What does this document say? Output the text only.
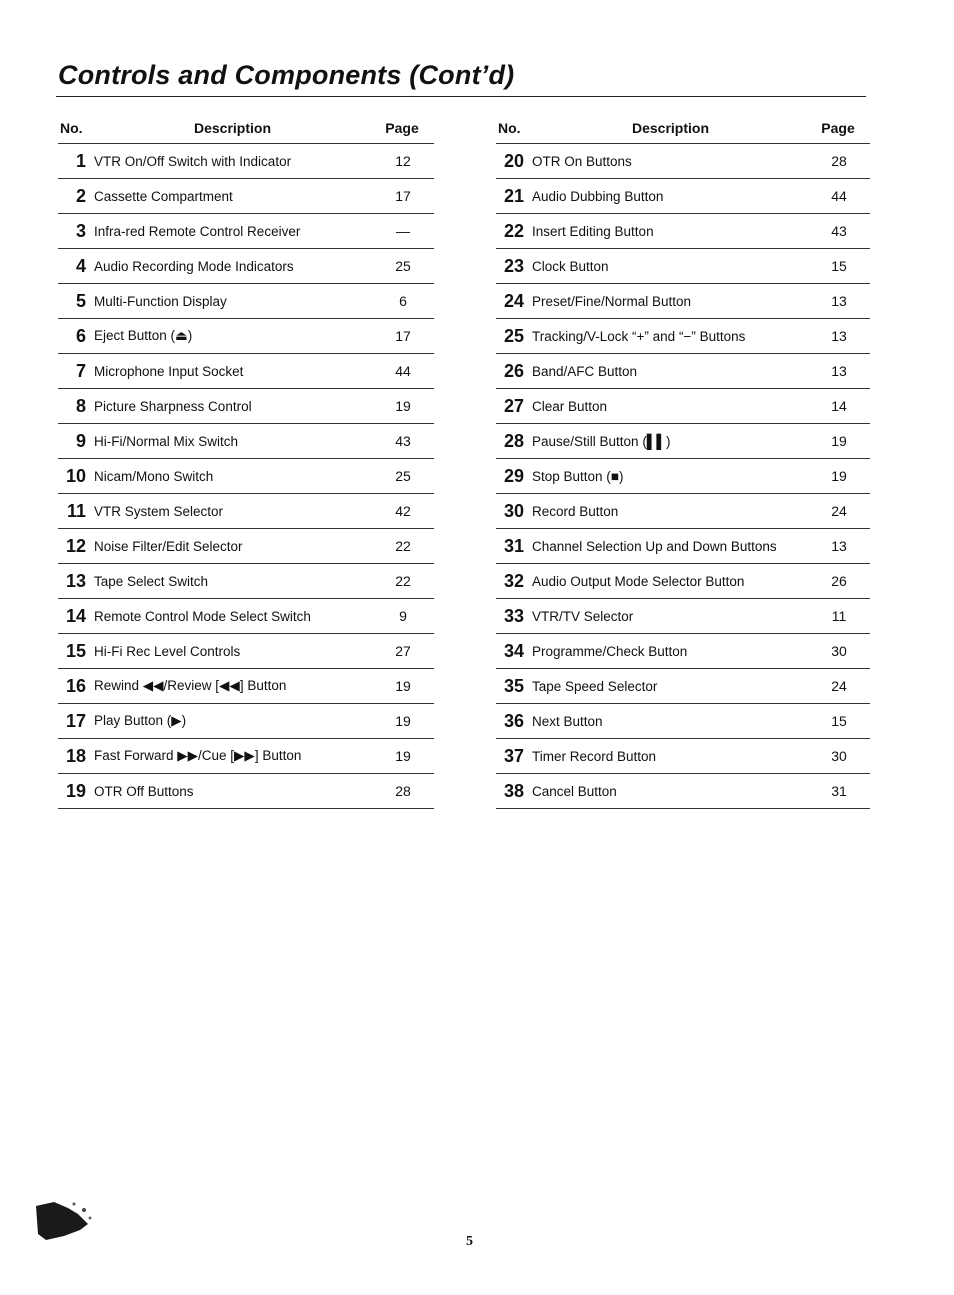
Controls and Components (Cont’d)
No.	Description	Page
1 VTR On/Off Switch with Indicator	12
2 Cassette Compartment	17
3 Infra-red Remote Control Receiver	—
4 Audio Recording Mode Indicators	25
5 Multi-Function Display	6
6 Eject Button (⏏)	17
7 Microphone Input Socket	44
8 Picture Sharpness Control	19
9 Hi-Fi/Normal Mix Switch	43
10 Nicam/Mono Switch	25
11 VTR System Selector	42
12 Noise Filter/Edit Selector	22
13 Tape Select Switch	22
14 Remote Control Mode Select Switch	9
15 Hi-Fi Rec Level Controls	27
16 Rewind ◀◀/Review [◀◀] Button	19
17 Play Button (▶)	19
18 Fast Forward ▶▶/Cue [▶▶] Button	19
19 OTR Off Buttons	28
No.	Description	Page
20 OTR On Buttons	28
21 Audio Dubbing Button	44
22 Insert Editing Button	43
23 Clock Button	15
24 Preset/Fine/Normal Button	13
25 Tracking/V-Lock “+” and “−” Buttons	13
26 Band/AFC Button	13
27 Clear Button	14
28 Pause/Still Button (▌▌)	19
29 Stop Button (■)	19
30 Record Button	24
31 Channel Selection Up and Down Buttons	13
32 Audio Output Mode Selector Button	26
33 VTR/TV Selector	11
34 Programme/Check Button	30
35 Tape Speed Selector	24
36 Next Button	15
37 Timer Record Button	30
38 Cancel Button	31
5
